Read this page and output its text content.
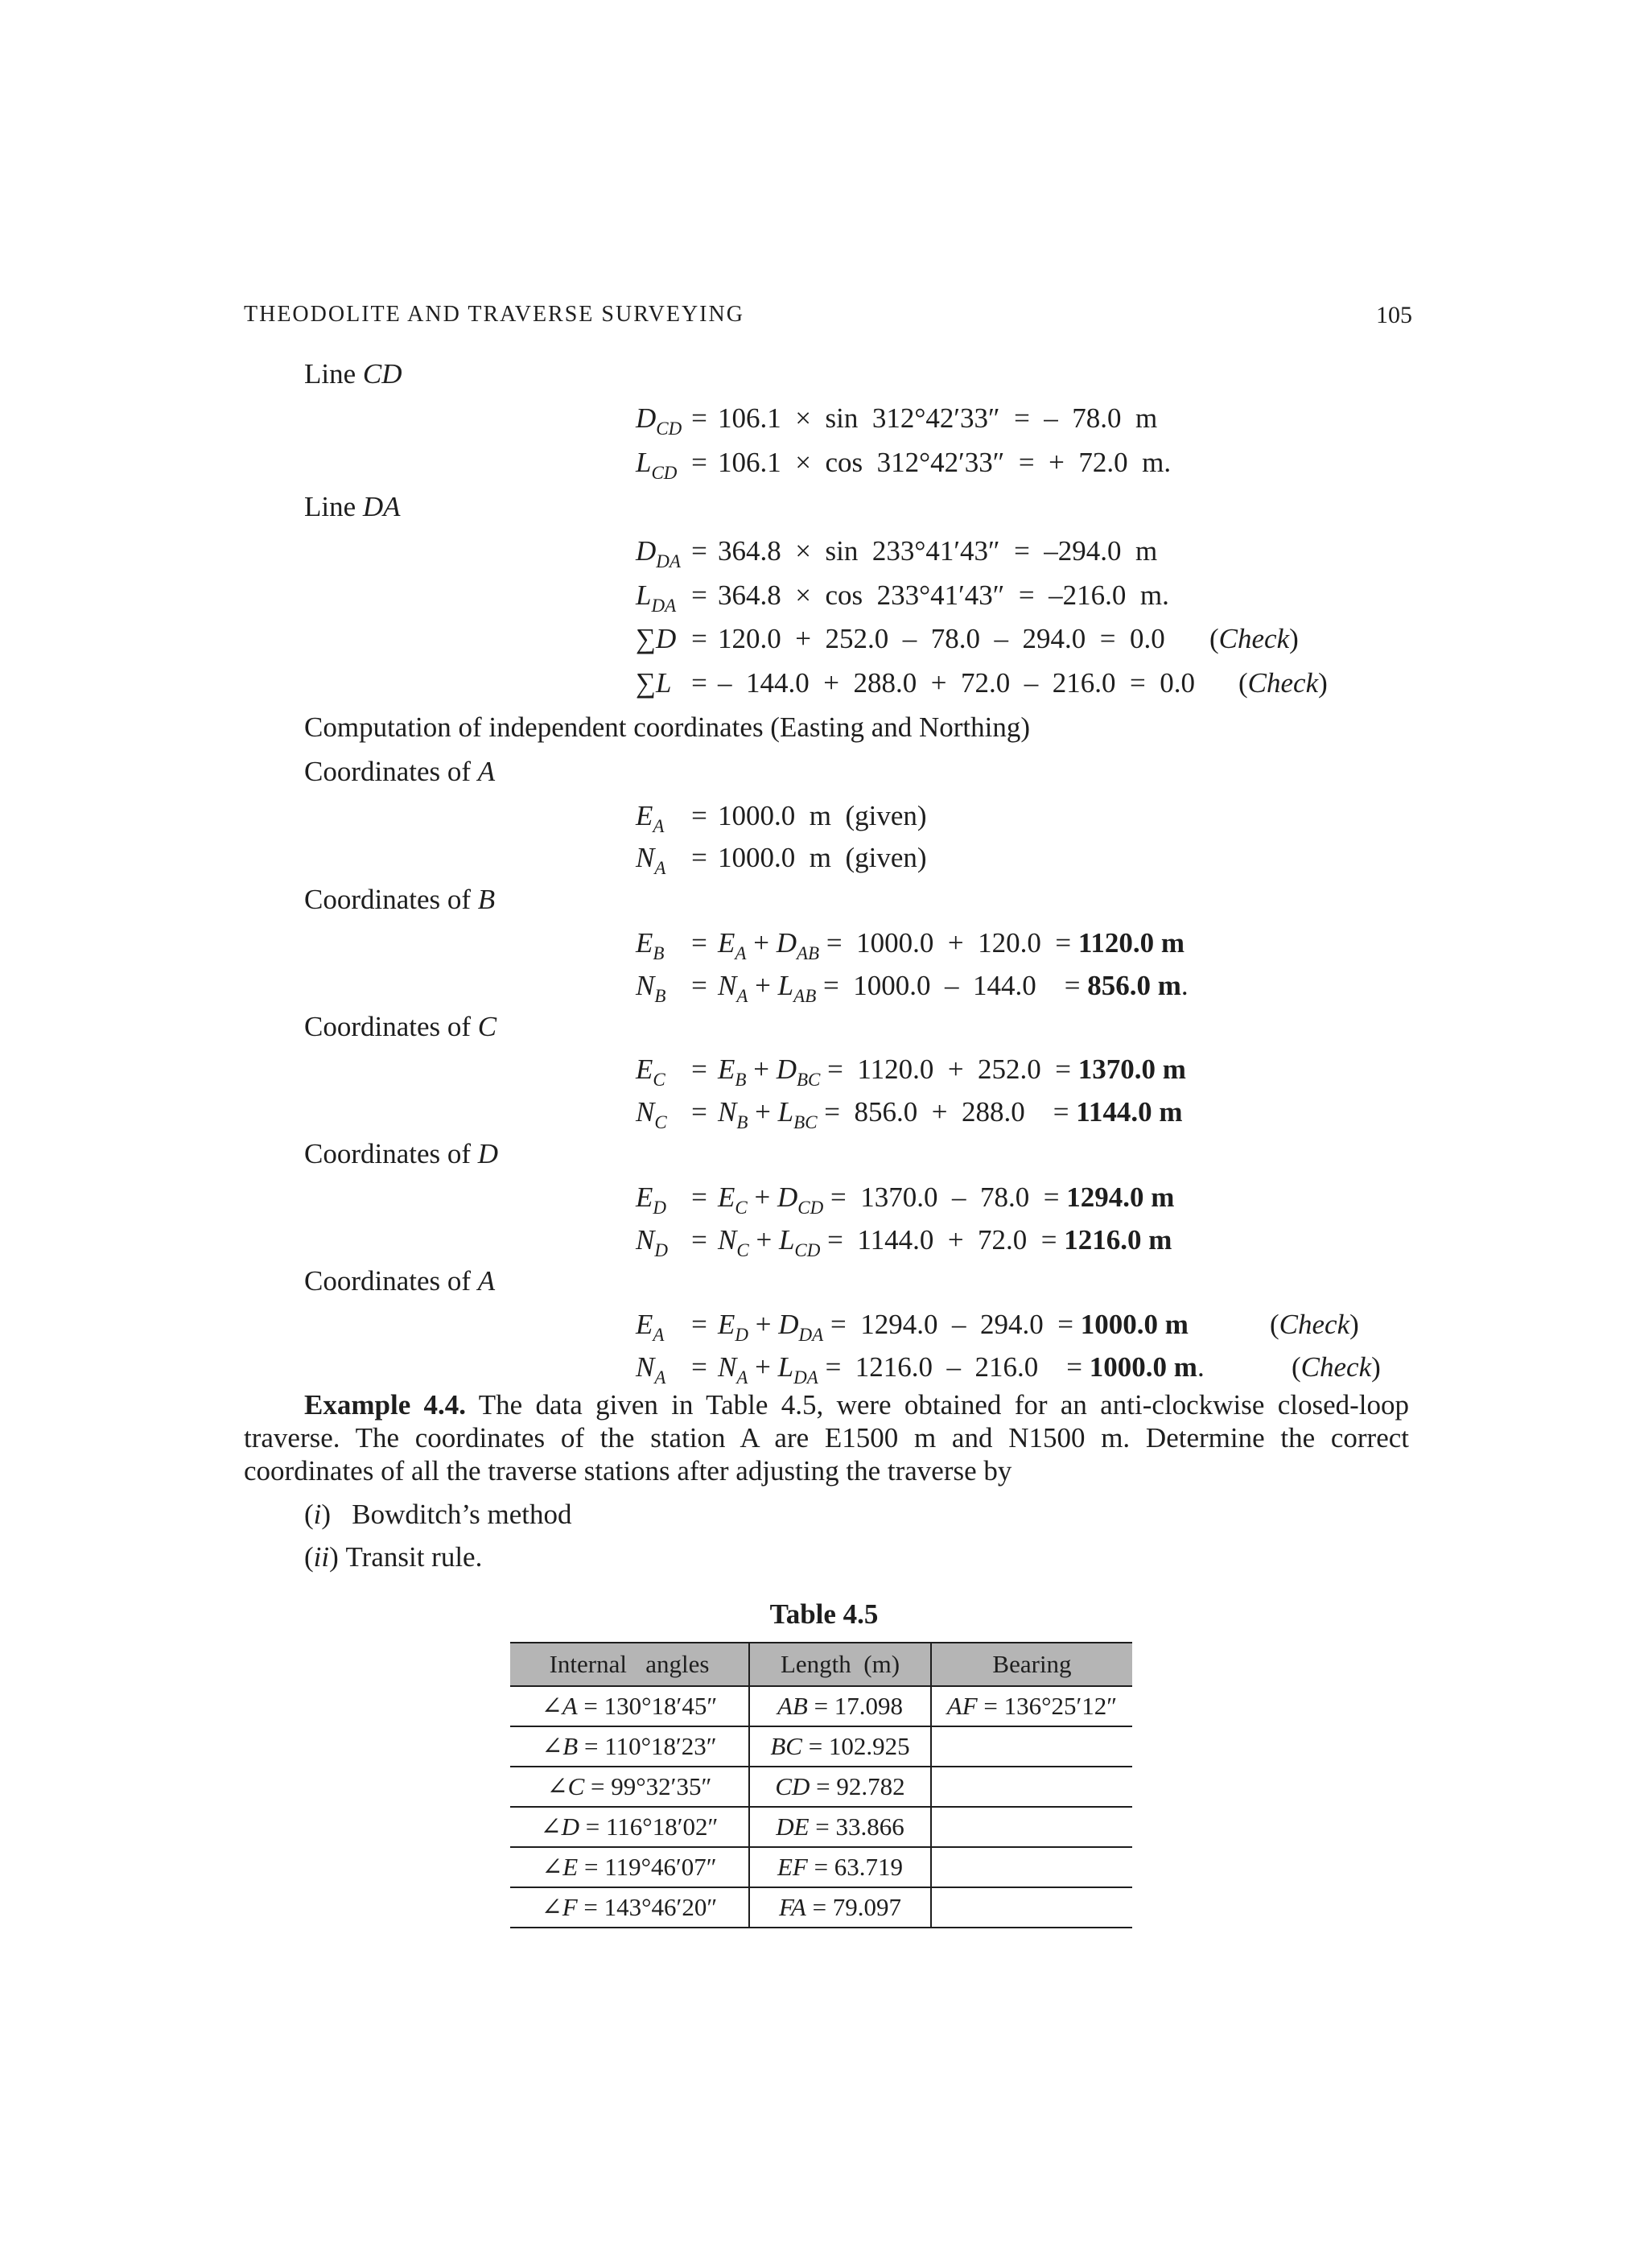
THEODOLITE AND TRAVERSE SURVEYING	105
Line CD
$D_{CD} = 106.1 \times \sin 312^\circ 42'33''$  =  –  78.0  m
$L_{CD} = 106.1 \times \cos 312^\circ 42'33''$  =  +  72.0  m.
Line DA
$D_{DA} = 364.8 \times \sin 233^\circ 41'43'' = -294.0$  m
$L_{DA} = 364.8 \times \cos 233^\circ 41'43'' = -216.0$  m.
∑D = 120.0  +  252.0  –  78.0  –  294.0  =  0.0 (Check)
∑L = –  144.0  +  288.0  +  72.0  –  216.0  =  0.0 (Check)
Computation of independent coordinates (Easting and Northing)
Coordinates of A
$E_A = 1000.0$  m  (given)
$N_A = 1000.0$  m  (given)
Coordinates of B
$E_B = E_A + D_{AB} = 1000.0 + 120.0 = 1120.0$ m
$N_B = N_A + L_{AB} = 1000.0 - 144.0$    = 856.0 m.
Coordinates of C
$E_C = E_B + D_{BC} = 1120.0 + 252.0 = 1370.0$ m
$N_C = N_B + L_{BC} = 856.0 + 288.0$    = 1144.0 m
Coordinates of D
$E_D = E_C + D_{CD} = 1370.0 - 78.0 = 1294.0$ m
$N_D = N_C + L_{CD} = 1144.0 + 72.0 = 1216.0$ m
Coordinates of A
$E_A = E_D + D_{DA} = 1294.0 - 294.0 = 1000.0$ m	(Check)
$N_A = N_A + L_{DA} = 1216.0 - 216.0$    = 1000.0 m.	(Check)
Example 4.4. The data given in Table 4.5, were obtained for an anti-clockwise closed-loop traverse. The coordinates of the station A are E1500 m and N1500 m. Determine the correct coordinates of all the traverse stations after adjusting the traverse by
(i)   Bowditch’s method
(ii) Transit rule.
Table 4.5
Internal   angles	Length  (m)	Bearing
∠A = 130°18′45″	AB = 17.098	AF = 136°25′12″
∠B = 110°18′23″	BC = 102.925	
∠C = 99°32′35″	CD = 92.782	
∠D = 116°18′02″	DE = 33.866	
∠E = 119°46′07″	EF = 63.719	
∠F = 143°46′20″	FA = 79.097	
